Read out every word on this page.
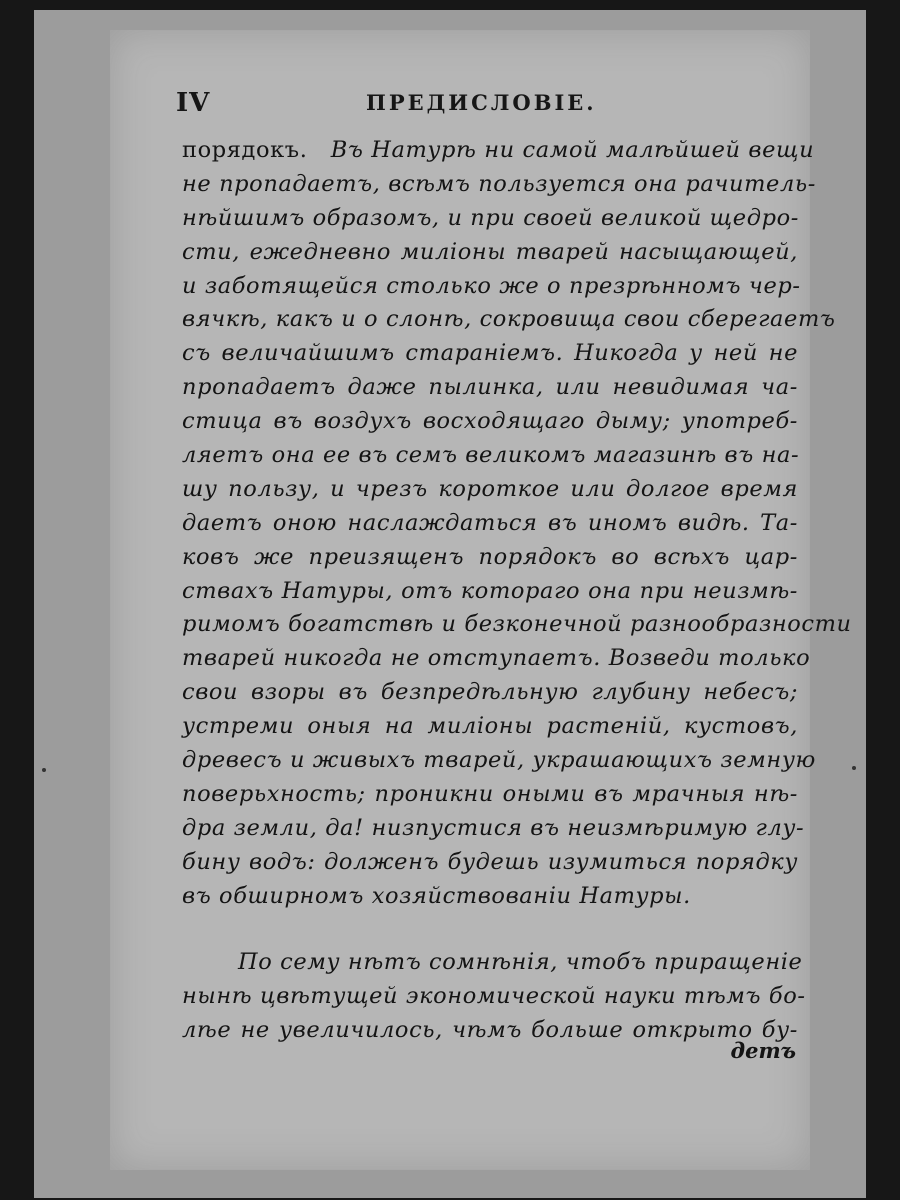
IV	ПРЕДИСЛОВІЕ.
порядокъ. Въ Натурѣ ни самой малѣйшей вещи
не пропадаетъ, всѣмъ пользуется она рачитель-
нѣйшимъ образомъ, и при своей великой щедро-
сти, ежедневно миліоны тварей насыщающей,
и заботящейся столько же о презрѣнномъ чер-
вячкѣ, какъ и о слонѣ, сокровища свои сберегаетъ
съ величайшимъ стараніемъ. Никогда у ней не
пропадаетъ даже пылинка, или невидимая ча-
стица въ воздухъ восходящаго дыму; употреб-
ляетъ она ее въ семъ великомъ магазинѣ въ на-
шу пользу, и чрезъ короткое или долгое время
даетъ оною наслаждаться въ иномъ видѣ. Та-
ковъ же преизященъ порядокъ во всѣхъ цар-
ствахъ Натуры, отъ котораго она при неизмѣ-
римомъ богатствѣ и безконечной разнообразности
тварей никогда не отступаетъ. Возведи только
свои взоры въ безпредѣльную глубину небесъ;
устреми оныя на миліоны растеній, кустовъ,
древесъ и живыхъ тварей, украшающихъ земную
поверьхность; проникни оными въ мрачныя нѣ-
дра земли, да! низпустися въ неизмѣримую глу-
бину водъ: долженъ будешь изумиться порядку
въ обширномъ хозяйствованіи Натуры.
По сему нѣтъ сомнѣнія, чтобъ приращеніе
нынѣ цвѣтущей экономической науки тѣмъ бо-
лѣе не увеличилось, чѣмъ больше открыто бу-
детъ
